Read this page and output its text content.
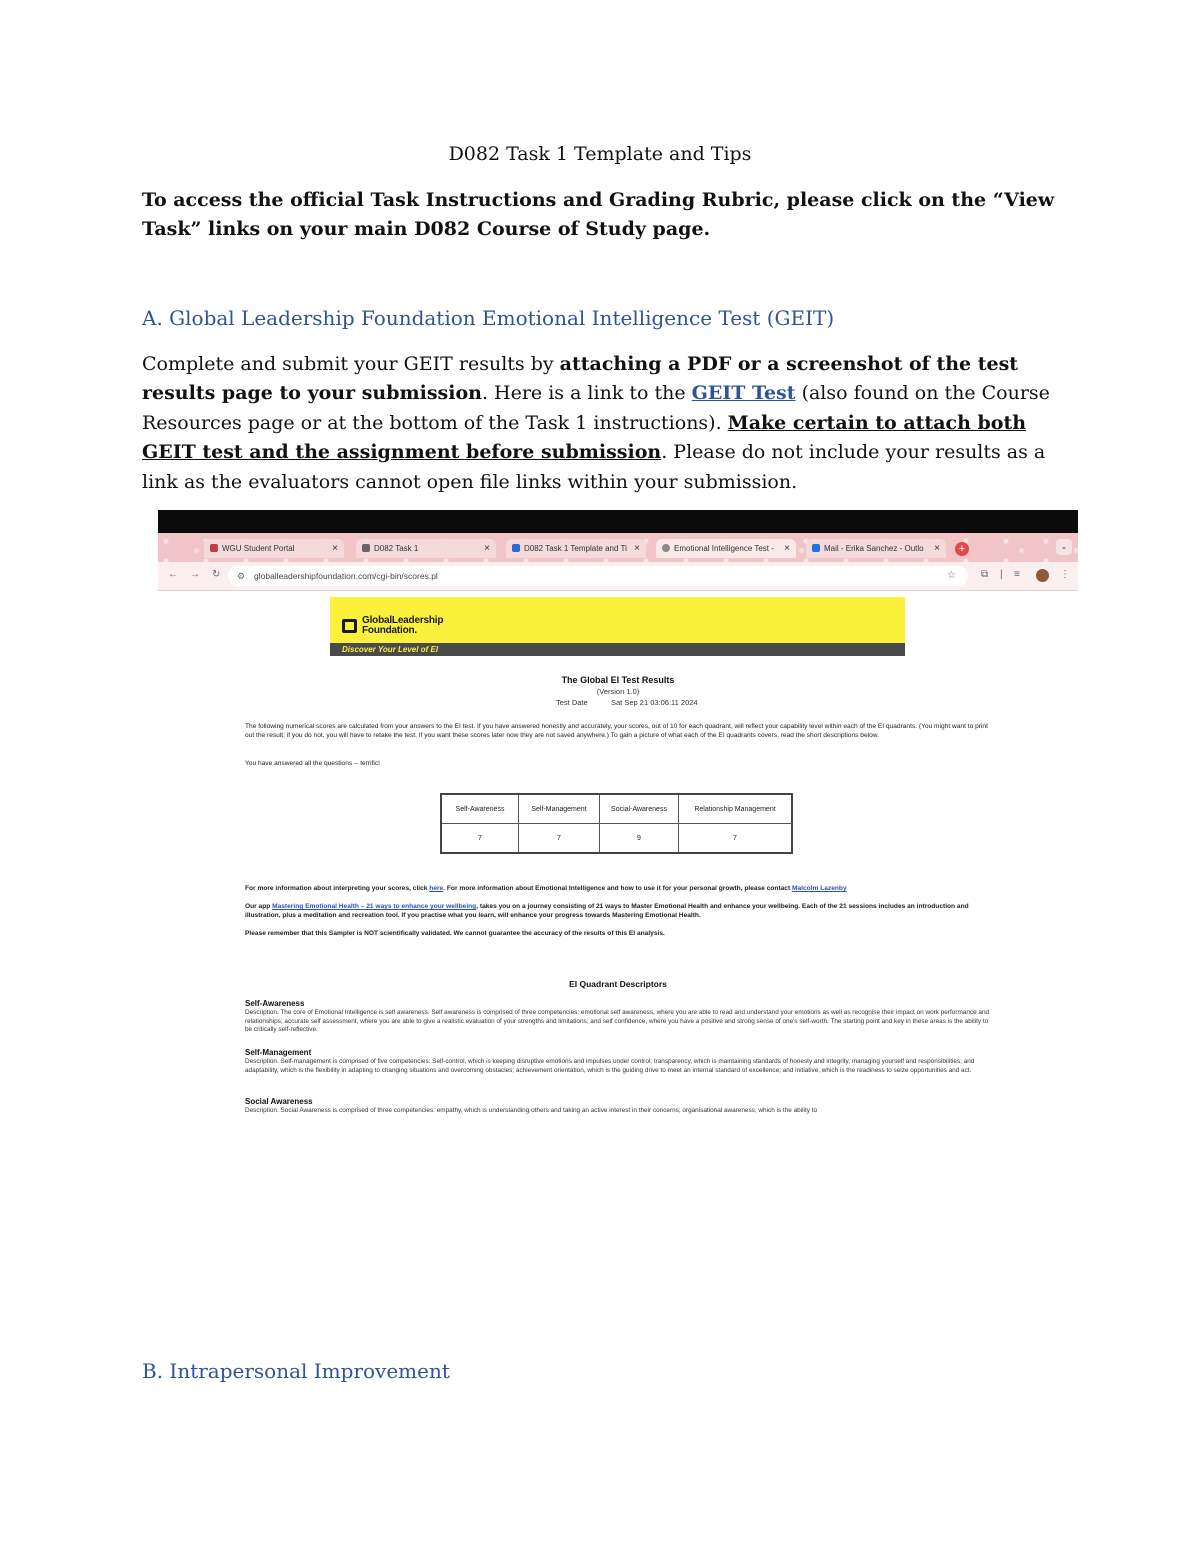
D082 Task 1 Template and Tips
To access the official Task Instructions and Grading Rubric, please click on the “View Task” links on your main D082 Course of Study page.
A. Global Leadership Foundation Emotional Intelligence Test (GEIT)
Complete and submit your GEIT results by attaching a PDF or a screenshot of the test results page to your submission. Here is a link to the GEIT Test (also found on the Course Resources page or at the bottom of the Task 1 instructions). Make certain to attach both GEIT test and the assignment before submission. Please do not include your results as a link as the evaluators cannot open file links within your submission.
WGU Student Portal	×	D082 Task 1	×	D082 Task 1 Template and Ti ×	Emotional Intelligence Test - ×	Mail - Erika Sanchez - Outlo ×	+	⌄
← → ↻ ⚙ globalleadershipfoundation.com/cgi-bin/scores.pl	☆	⧉ | ≡	⋮
GlobalLeadership
Foundation.
Discover Your Level of EI
The Global EI Test Results
(Version 1.0)
Test Date	Sat Sep 21 03:06:11 2024
The following numerical scores are calculated from your answers to the EI test. If you have answered honestly and accurately, your scores, out of 10 for each quadrant, will reflect your capability level within each of the EI quadrants. (You might want to print out the result; if you do not, you will have to retake the test. If you want these scores later now they are not saved anywhere.) To gain a picture of what each of the EI quadrants covers, read the short descriptions below.
You have answered all the questions -- terrific!
Self-Awareness	Self-Management	Social-Awareness	Relationship Management
7	7	9	7
For more information about interpreting your scores, click here. For more information about Emotional Intelligence and how to use it for your personal growth, please contact Malcolm Lazenby
Our app Mastering Emotional Health – 21 ways to enhance your wellbeing, takes you on a journey consisting of 21 ways to Master Emotional Health and enhance your wellbeing. Each of the 21 sessions includes an introduction and illustration, plus a meditation and recreation tool. If you practise what you learn, will enhance your progress towards Mastering Emotional Health.
Please remember that this Sampler is NOT scientifically validated. We cannot guarantee the accuracy of the results of this EI analysis.
EI Quadrant Descriptors
Self-Awareness
Description. The core of Emotional Intelligence is self awareness. Self awareness is comprised of three competencies: emotional self awareness, where you are able to read and understand your emotions as well as recognise their impact on work performance and relationships; accurate self assessment, where you are able to give a realistic evaluation of your strengths and limitations; and self confidence, where you have a positive and strong sense of one's self-worth. The starting point and key in these areas is the ability to be critically self-reflective.
Self-Management
Description. Self-management is comprised of five competencies: Self-control, which is keeping disruptive emotions and impulses under control; transparency, which is maintaining standards of honesty and integrity, managing yourself and responsibilities; and adaptability, which is the flexibility in adapting to changing situations and overcoming obstacles; achievement orientation, which is the guiding drive to meet an internal standard of excellence; and initiative, which is the readiness to seize opportunities and act.
Social Awareness
Description. Social Awareness is comprised of three competencies: empathy, which is understanding others and taking an active interest in their concerns; organisational awareness, which is the ability to
B. Intrapersonal Improvement
